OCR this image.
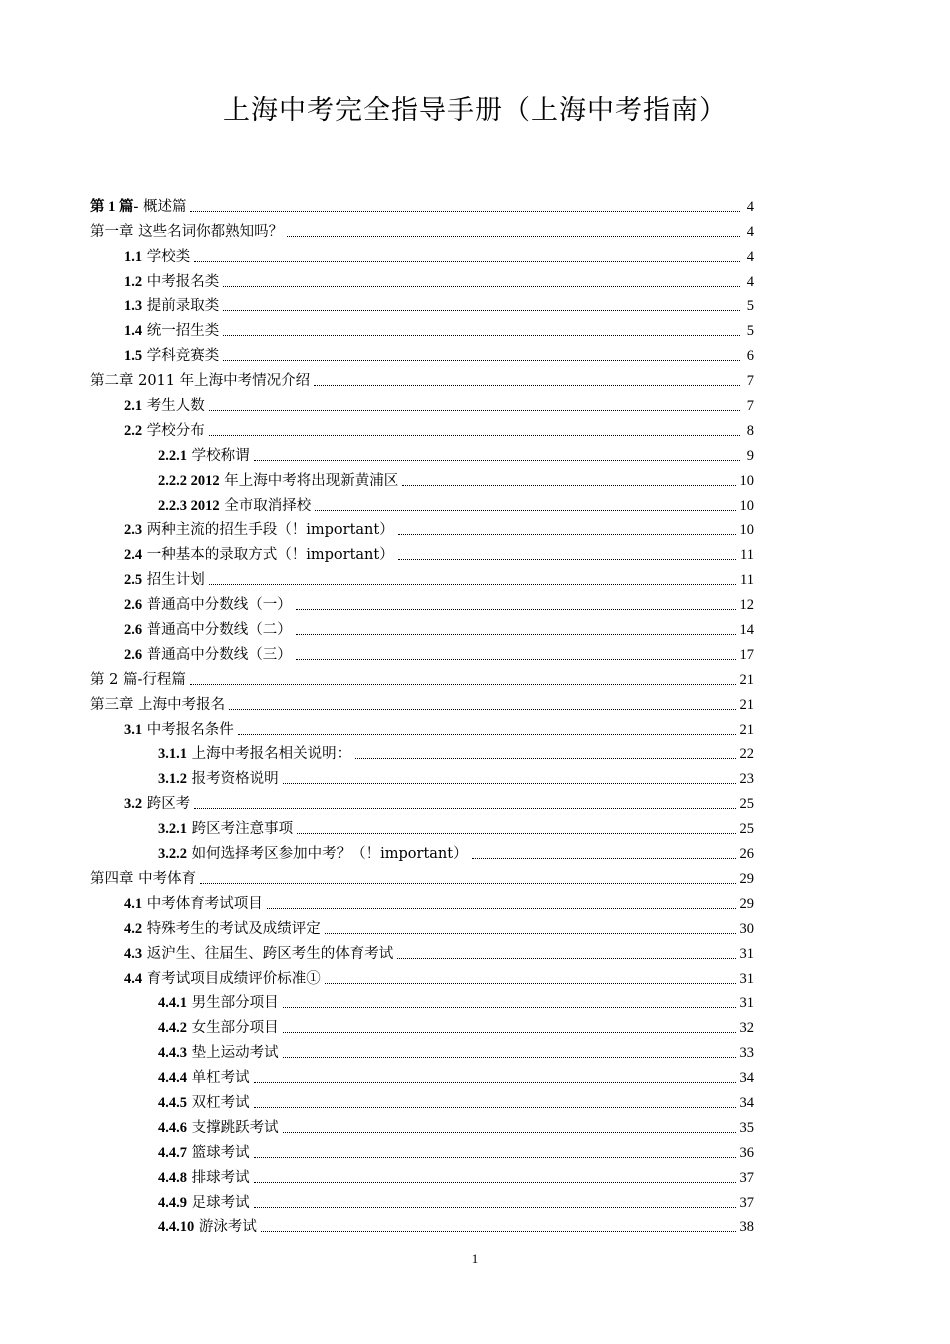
上海中考完全指导手册（上海中考指南）
第 1 篇- 概述篇	4
第一章 这些名词你都熟知吗？	4
1.1 学校类	4
1.2 中考报名类	4
1.3 提前录取类	5
1.4 统一招生类	5
1.5 学科竞赛类	6
第二章 2011 年上海中考情况介绍	7
2.1 考生人数	7
2.2 学校分布	8
2.2.1 学校称谓	9
2.2.2 2012 年上海中考将出现新黄浦区	10
2.2.3 2012 全市取消择校	10
2.3 两种主流的招生手段（！important）	10
2.4 一种基本的录取方式（！important）	11
2.5 招生计划	11
2.6 普通高中分数线（一）	12
2.6 普通高中分数线（二）	14
2.6 普通高中分数线（三）	17
第 2 篇-行程篇	21
第三章 上海中考报名	21
3.1 中考报名条件	21
3.1.1 上海中考报名相关说明：	22
3.1.2 报考资格说明	23
3.2 跨区考	25
3.2.1 跨区考注意事项	25
3.2.2 如何选择考区参加中考？（！important）	26
第四章 中考体育	29
4.1 中考体育考试项目	29
4.2 特殊考生的考试及成绩评定	30
4.3 返沪生、往届生、跨区考生的体育考试	31
4.4 育考试项目成绩评价标准①	31
4.4.1 男生部分项目	31
4.4.2 女生部分项目	32
4.4.3 垫上运动考试	33
4.4.4 单杠考试	34
4.4.5 双杠考试	34
4.4.6 支撑跳跃考试	35
4.4.7 篮球考试	36
4.4.8 排球考试	37
4.4.9 足球考试	37
4.4.10 游泳考试	38
1
